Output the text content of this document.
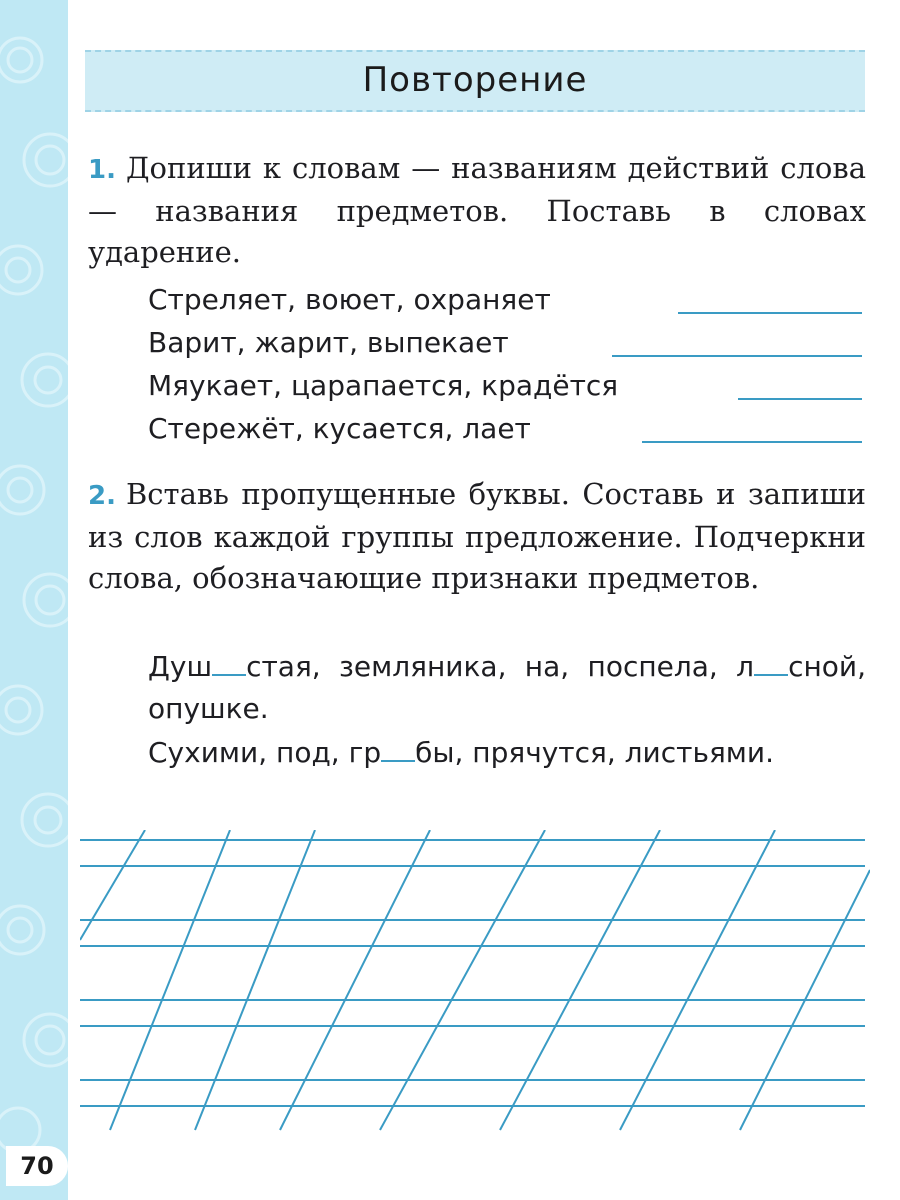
Повторение
1. Допиши к словам — названиям действий слова — названия предметов. Поставь в словах ударение.
Стреляет, воюет, охраняет
Варит, жарит, выпекает
Мяукает, царапается, крадётся
Стережёт, кусается, лает
2. Вставь пропущенные буквы. Составь и запиши из слов каждой группы предложение. Подчеркни слова, обозначающие признаки предметов.
Душ стая, земляника, на, поспела, л сной, опушке.
Сухими, под, гр бы, прячутся, листьями.
70
